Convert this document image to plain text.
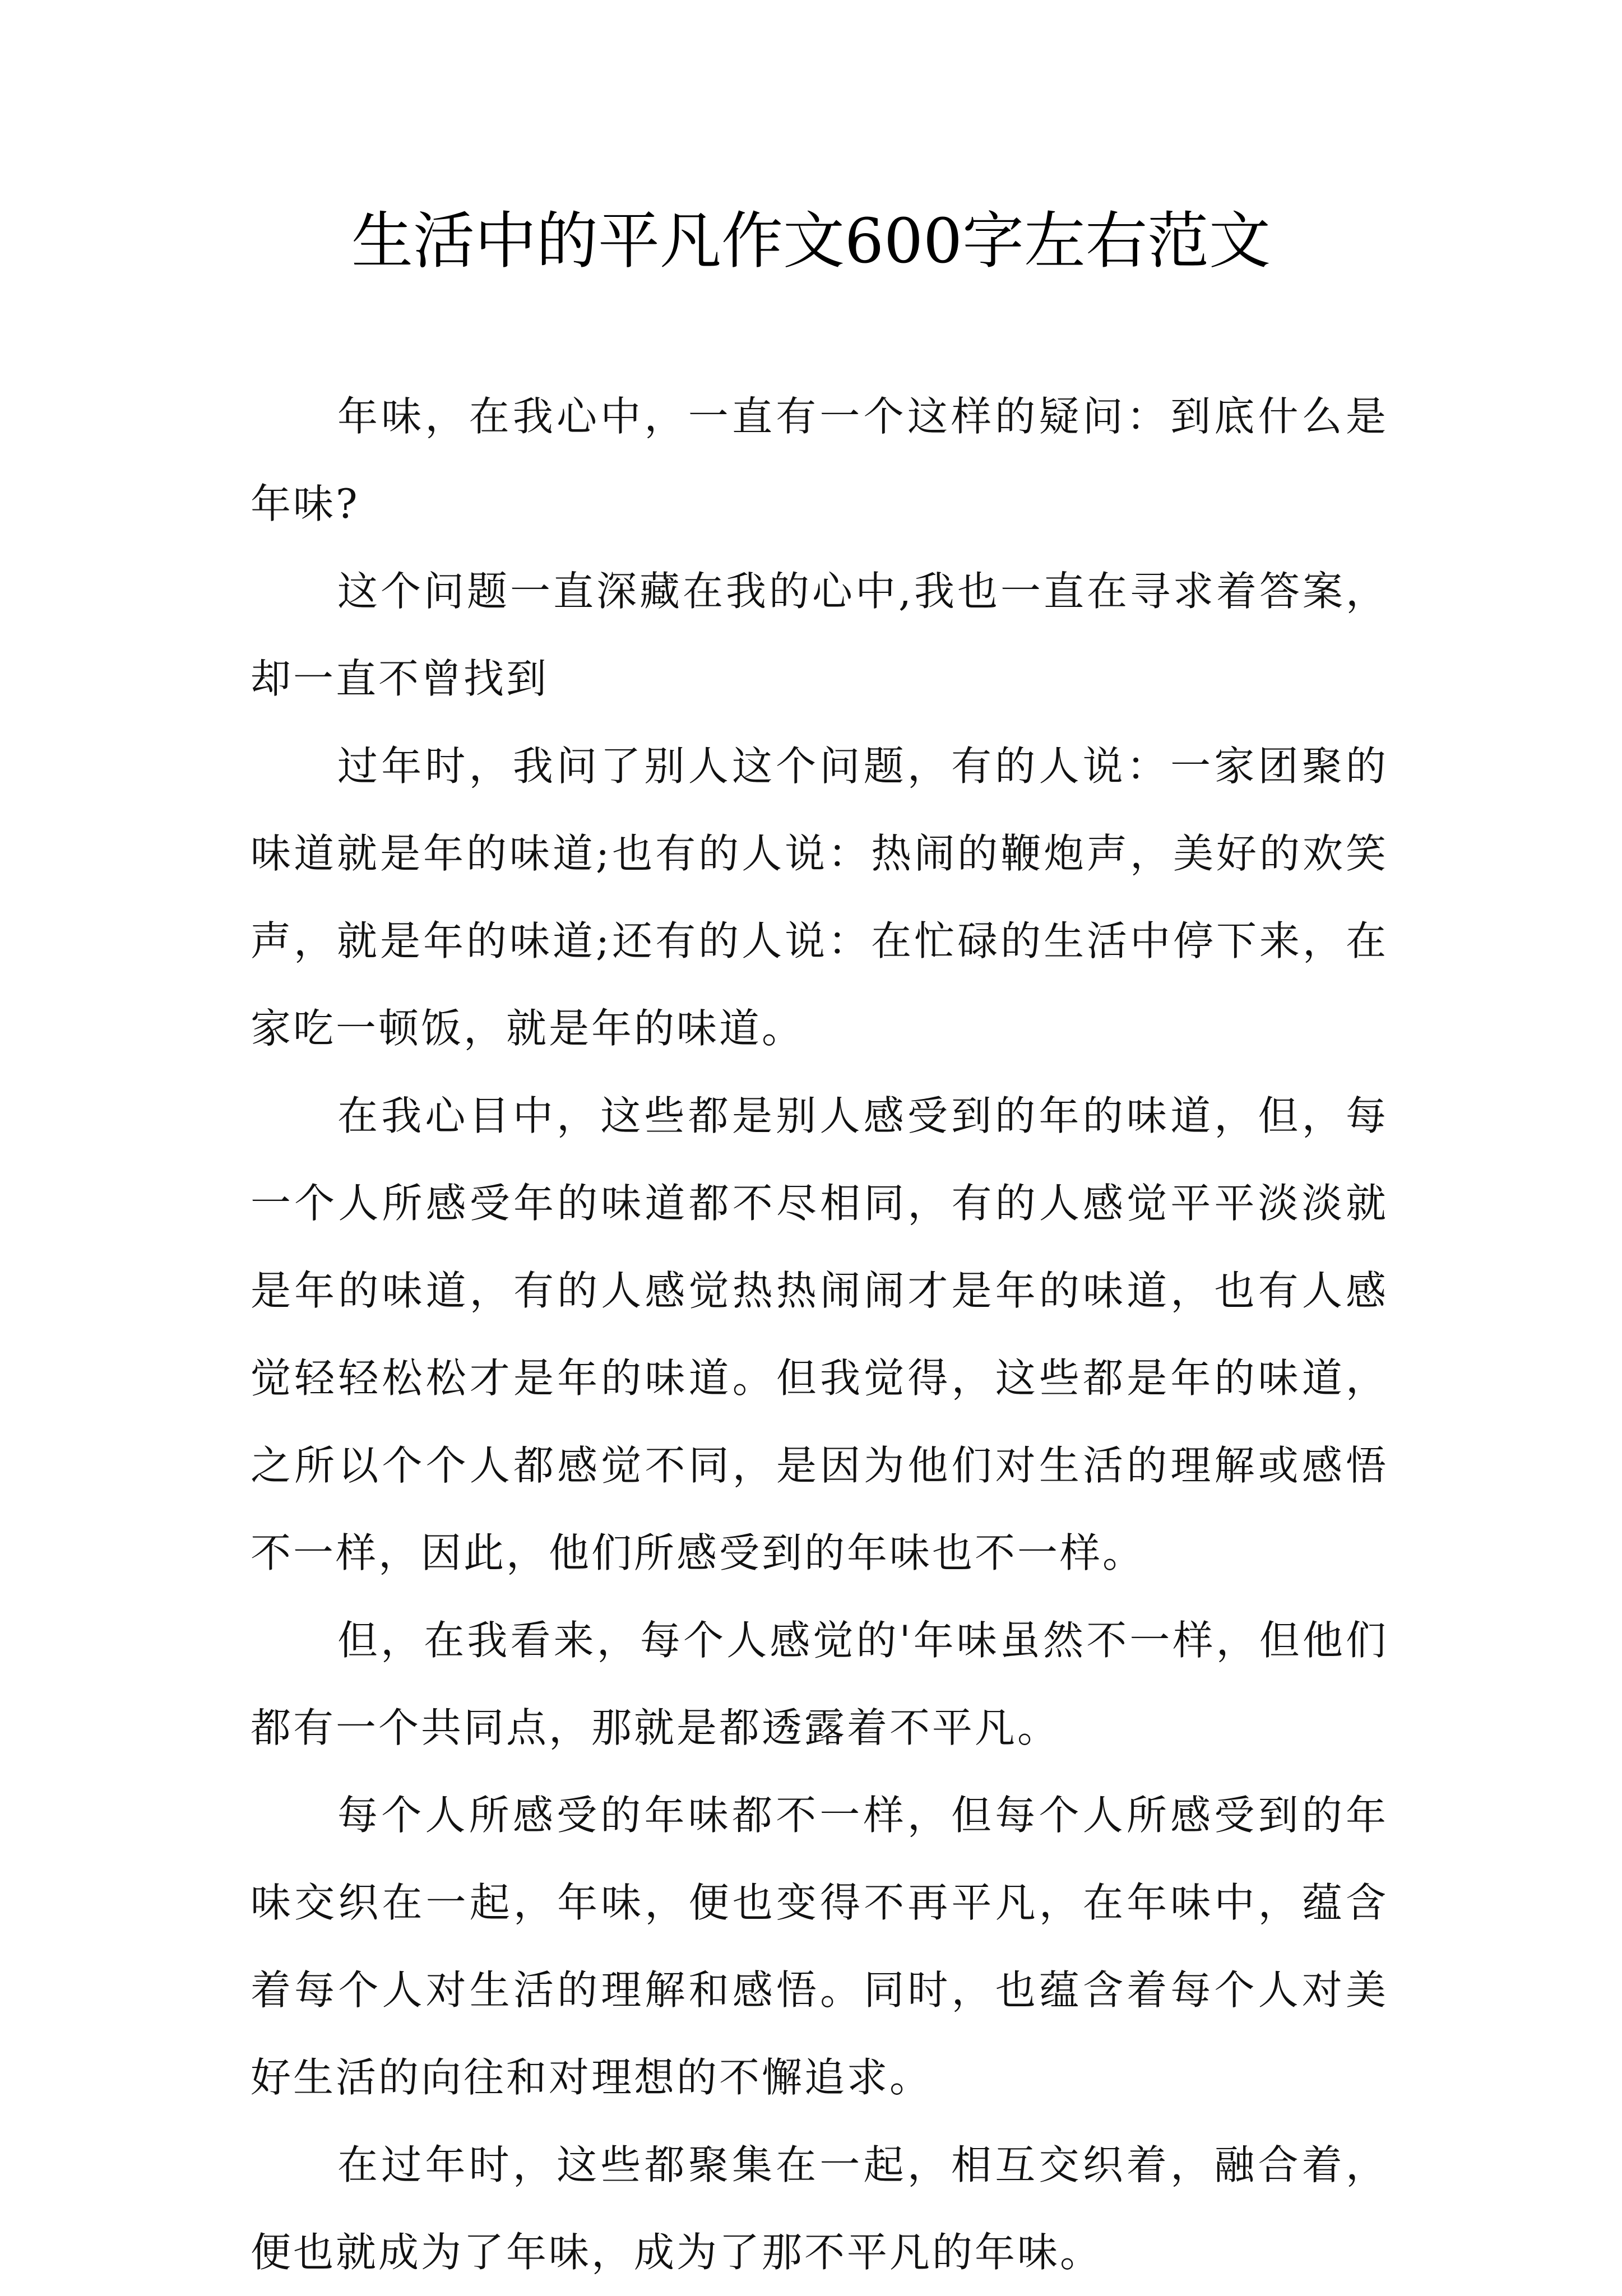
生活中的平凡作文600字左右范文

年味，在我心中，一直有一个这样的疑问：到底什么是年味?

这个问题一直深藏在我的心中,我也一直在寻求着答案，却一直不曾找到

过年时，我问了别人这个问题，有的人说：一家团聚的味道就是年的味道;也有的人说：热闹的鞭炮声，美好的欢笑声，就是年的味道;还有的人说：在忙碌的生活中停下来，在家吃一顿饭，就是年的味道。

在我心目中，这些都是别人感受到的年的味道，但，每一个人所感受年的味道都不尽相同，有的人感觉平平淡淡就是年的味道，有的人感觉热热闹闹才是年的味道，也有人感觉轻轻松松才是年的味道。但我觉得，这些都是年的味道，之所以个个人都感觉不同，是因为他们对生活的理解或感悟不一样，因此，他们所感受到的年味也不一样。

但，在我看来，每个人感觉的'年味虽然不一样，但他们都有一个共同点，那就是都透露着不平凡。

每个人所感受的年味都不一样，但每个人所感受到的年味交织在一起，年味，便也变得不再平凡，在年味中，蕴含着每个人对生活的理解和感悟。同时，也蕴含着每个人对美好生活的向往和对理想的不懈追求。

在过年时，这些都聚集在一起，相互交织着，融合着，便也就成为了年味，成为了那不平凡的年味。
